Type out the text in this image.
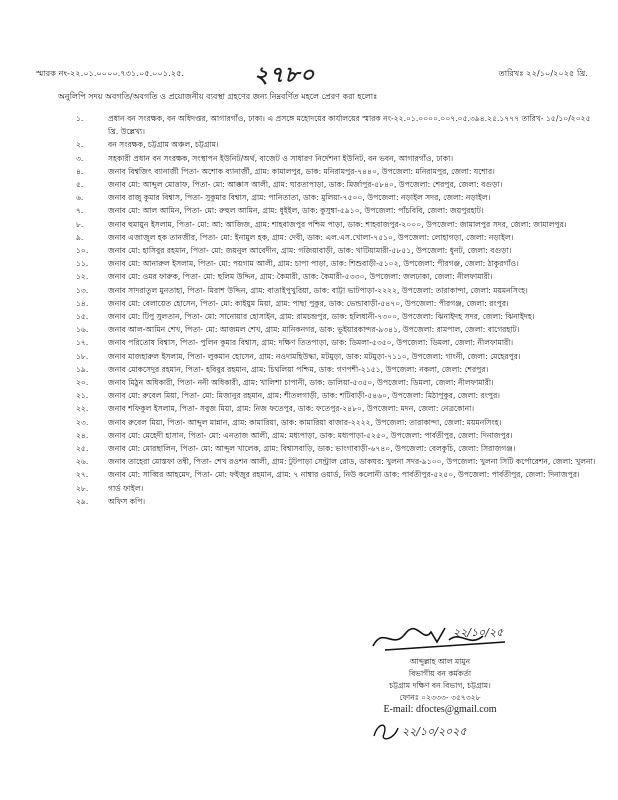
স্মারক নং-২২.০১.০০০০.৭৩১.০৫.০০১.২৫.	২৭৮০	তারিখঃ ২২/১০/২০২৫ খ্রি.
অনুলিপি সদয় অবগতি/অবগতি ও প্রয়োজনীয় ব্যবস্থা গ্রহণের জন্য নিম্নবর্ণিত মহলে প্রেরণ করা হলোঃ
১.	প্রধান বন সংরক্ষক, বন অধিদপ্তর, আগারগাঁও, ঢাকা। এ প্রসঙ্গে মহোদয়ের কার্যালয়ের স্মারক নং-২২.০১.০০০০.০০৭.০৫.৩৯৪.২৫.১৭৭৭ তারিখ- ১৫/১০/২০২৫ খ্রি. উল্লেখ্য।
২.	বন সংরক্ষক, চট্টগ্রাম অঞ্চল, চট্টগ্রাম।
৩.	সহকারী প্রধান বন সংরক্ষক, সংস্থাপন ইউনিট/অর্থ, বাজেট ও সাধারণ নির্দেশনা ইউনিট, বন ভবন, আগারগাঁও, ঢাকা।
৪.	জনাব বিশ্বজিৎ ব্যানার্জী পিতা- অশোক ব্যানার্জী, গ্রাম: কামালপুর, ডাক: মনিরামপুর-৭৪৪০, উপজেলা: মনিরামপুর, জেলা: যশোর।
৫.	জনাব মো: আব্দুল মোত্তাফ, পিতা- মো: আক্কাস আলী, গ্রাম: ঘারতাপাড়া, ডাক: মির্জাপুর-৫৮৪০, উপজেলা: শেরপুর, জেলা: বগুড়া।
৬.	জনাব রাজু কুমার বিশ্বাস, পিতা- সুকুমার বিশ্বাস, গ্রাম: পানিতাতা, ডাক: মুলিয়া-৭৫০০, উপজেলা: নড়াইল সদর, জেলা: নড়াইল।
৭.	জনাব মো: আল আমিন, পিতা- মো: রুহুল আমিন, গ্রাম: ধুইইল, ডাক: কুসুম্বা-৫৯১০, উপজেলা: পাঁচবিবি, জেলা: জয়পুরহাট।
৮.	জনাব হুমায়ুন ইসলাম, পিতা- মো: আ: আজিজ, গ্রাম: শাহবাজপুর পশ্চিম পাড়া, ডাক: শাহবাজপুর-২০০০, উপজেলা: জামালপুর সদর, জেলা: জামালপুর।
৯.	জনাব এজাজুল হক তানজীর, পিতা- মো: ইনামুল হক, গ্রাম: দেবী, ডাক: এল.এস.খোলা-৭৫১০, উপজেলা: লোহাগড়া, জেলা: নড়াইল।
১০.	জনাব মো: হাসিবুর রহমান, পিতা- মো: জয়নুল আবেদীন, গ্রাম: গজিয়াবাড়ী, ডাক: খাটিয়ামারী-৫৮৫১, উপজেলা: ধুনট, জেলা: বগুড়া।
১১.	জনাব মো: আনারুল ইসলাম, পিতা- মো: পয়গাম আলী, গ্রাম: চাপা পাড়া, ডাক: শিশুবাড়ী-৫১০২, উপজেলা: পীরগঞ্জ, জেলা: ঠাকুরগাঁও।
১২.	জনাব মো: ওমর ফারুক, পিতা- মো: ছলিম উদ্দিন, গ্রাম: কৈমারী, ডাক: কৈমারী-৫৩৩০, উপজেলা: জলঢাকা, জেলা: নীলফামারী।
১৩.	জনাব সাদরাতুল মুনতাহা, পিতা- মিরাশ উদ্দিন, গ্রাম: বাতাইপুখুরিয়া, ডাক: বাট্টা ভাটপাড়া-২২২২, উপজেলা: তারাকান্দা, জেলা: ময়মনসিংহ।
১৪.	জনাব মো: বেলায়েত হোসেন, পিতা- মো: কাইয়ুম মিয়া, গ্রাম: পাছা পুকুর, ডাক: ভেন্ডাবাড়ী-৫৪৭০, উপজেলা: পীরগঞ্জ, জেলা: রংপুর।
১৫.	জনাব মো: টিপু সুলতান, পিতা- মো: সানোয়ার হোসাইন, গ্রাম: রামচন্দ্রপুর, ডাক: হলিধানী-৭৩০০, উপজেলা: ঝিনাইদহ সদর, জেলা: ঝিনাইদহ।
১৬.	জনাব আল-আমিন শেখ, পিতা- মো: আজমল শেখ, গ্রাম: মানিকনগর, ডাক: ভূইয়ারকান্দর-৯৩৪১, উপজেলা: রামপাল, জেলা: বাগেরহাট।
১৭.	জনাব পরিতোষ বিশ্বাস, পিতা- পুলিন কুমার বিশ্বাস, গ্রাম: দক্ষিণ তিতপাড়া, ডাক: ডিমলা-৫৩৫০, উপজেলা: ডিমলা, জেলা: নীলফামারী।
১৮.	জনাব মাজহারুল ইসলাম, পিতা- লুকমান হোসেন, গ্রাম: নওদামহিউদ্ধা, মটমুড়া, ডাক: মটমুড়া-৭১১০, উপজেলা: গাংনী, জেলা: মেহেরপুর।
১৯.	জনাব মোকসেদুর রহমান, পিতা- হবিবুর রহমান, গ্রাম: চিথলিয়া পশ্চিম, ডাক: গণপশী-২১৫১, উপজেলা: নকলা, জেলা: শেরপুর।
২০.	জনাব মিঠুন অধিকারী, পিতা- ননী অধিকারী, গ্রাম: খালিশা চাপানী, ডাক: ডালিয়া-৫৩৫০, উপজেলা: ডিমলা, জেলা: নীলফামারী।
২১.	জনাব মো: রুবেল মিয়া, পিতা- মো: মিজানুর রহমান, গ্রাম: শীতলগাড়ী, ডাক: শটিবাড়ী-৫৪৬০, উপজেলা: মিঠাপুকুর, জেলা: রংপুর।
২২.	জনাব শফিকুল ইসলাম, পিতা- সবুজ মিয়া, গ্রাম: নিজ ফতেপুর, ডাক: ফতেপুর-২৪৮০, উপজেলা: মদন, জেলা: নেত্রকোনা।
২৩.	জনাব রুবেল মিয়া, পিতা- আব্দুল মান্নান, গ্রাম: কামারিয়া, ডাক: কামারিয়া বাজার-২২২২, উপজেলা: তারাকান্দা, জেলা: ময়মনসিংহ।
২৪.	জনাব মো: মেহেদী হাসান, পিতা- মো: এনতাজ আলী, গ্রাম: মধ্যপাড়া, ডাক: মধ্যপাড়া-৫২৫০, উপজেলা: পার্বতীপুর, জেলা: দিনাজপুর।
২৫.	জনাব মো: মোরছালিন, পিতা- মো: আব্দুল খালেক, গ্রাম: বিশ্বাসবাড়ি, ডাক: ভাংগাবাড়ী-৬৭৪০, উপজেলা: বেলকুচি, জেলা: সিরাজগঞ্জ।
২৬.	জনাব তাহেরা মোস্তফা তন্বী, পিতা- শেখ রওশন আলী, গ্রাম: টুটপাড়া সেন্ট্রাল রোড, ডাকঘর: খুলনা সদর-৯১০০, উপজেলা: খুলনা সিটি কর্পোরেশন, জেলা: খুলনা।
২৭.	জনাব মো: সাব্বির আহমেদ, পিতা- মো: ফইজুর রহমান, গ্রাম: ৭ নাম্বার ওয়ার্ড, নিউ কলোনী ডাক: পার্বতীপুর-৫২৫০, উপজেলা: পার্বতীপুর, জেলা: দিনাজপুর।
২৮.	গার্ড ফাইল।
২৯.	অফিস কপি।
২২/১০/২৫
আব্দুল্লাহ আল মামুন
বিভাগীয় বন কর্মকর্তা
চট্টগ্রাম দক্ষিণ বন বিভাগ, চট্টগ্রাম।
ফোনঃ ০২৩৩৩- ৩৫৭৩২৮
E-mail: dfoctes@gmail.com
২২/১০/২০২৫
